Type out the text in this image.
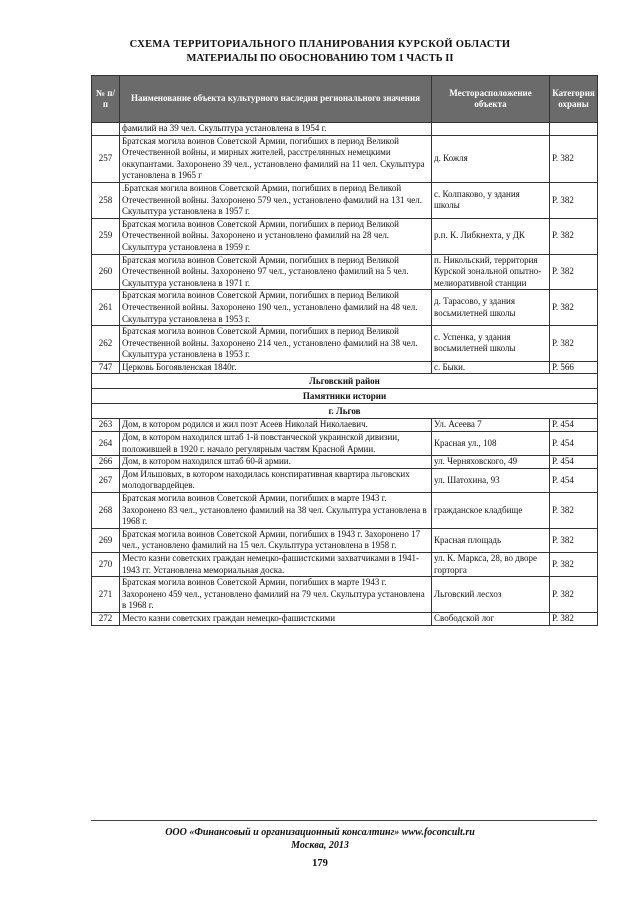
СХЕМА ТЕРРИТОРИАЛЬНОГО ПЛАНИРОВАНИЯ КУРСКОЙ ОБЛАСТИ
МАТЕРИАЛЫ ПО ОБОСНОВАНИЮ ТОМ 1 ЧАСТЬ II
№ п/п	Наименование объекта культурного наследия регионального значения	Месторасположение объекта	Категория охраны
	фамилий на 39 чел. Скульптура установлена в 1954 г.		
257	Братская могила воинов Советской Армии, погибших в период Великой Отечественной войны, и мирных жителей, расстрелянных немецкими оккупантами. Захоронено 39 чел., установлено фамилий на 11 чел. Скульптура установлена в 1965 г	д. Кожля	Р. 382
258	.Братская могила воинов Советской Армии, погибших в период Великой Отечественной войны. Захоронено 579 чел., установлено фамилий на 131 чел. Скульптура установлена в 1957 г.	с. Колпаково, у здания школы	Р. 382
259	Братская могила воинов Советской Армии, погибших в период Великой Отечественной войны. Захоронено и установлено фамилий на 28 чел. Скульптура установлена в 1959 г.	р.п. К. Либкнехта, у ДК	Р. 382
260	Братская могила воинов Советской Армии, погибших в период Великой Отечественной войны. Захоронено 97 чел., установлено фамилий на 5 чел. Скульптура установлена в 1971 г.	п. Никольский, территория Курской зональной опытно-мелиоративной станции	Р. 382
261	Братская могила воинов Советской Армии, погибших в период Великой Отечественной войны. Захоронено 190 чел., установлено фамилий на 48 чел. Скульптура установлена в 1953 г.	д. Тарасово, у здания восьмилетней школы	Р. 382
262	Братская могила воинов Советской Армии, погибших в период Великой Отечественной войны. Захоронено 214 чел., установлено фамилий на 38 чел. Скульптура установлена в 1953 г.	с. Успенка, у здания восьмилетней школы	Р. 382
747	Церковь Богоявленская 1840г.	с. Быки.	Р. 566
Льговский район			
Памятники истории			
г. Льгов			
263	Дом, в котором родился и жил поэт Асеев Николай Николаевич.	Ул. Асеева 7	Р. 454
264	Дом, в котором находился штаб 1-й повстанческой украинской дивизии, положившей в 1920 г. начало регулярным частям Красной Армии.	Красная ул., 108	Р. 454
266	Дом, в котором находился штаб 60-й армии.	ул. Черняховского, 49	Р. 454
267	Дом Ильшовых, в котором находилась конспиративная квартира льговских молодогвардейцев.	ул. Шатохина, 93	Р. 454
268	Братская могила воинов Советской Армии, погибших в марте 1943 г. Захоронено 83 чел., установлено фамилий на 38 чел. Скульптура установлена в 1968 г.	гражданское кладбище	Р. 382
269	Братская могила воинов Советской Армии, погибших в 1943 г. Захоронено 17 чел., установлено фамилий на 15 чел. Скульптура установлена в 1958 г.	Красная площадь	Р. 382
270	Место казни советских граждан немецко-фашистскими захватчиками в 1941-1943 гг. Установлена мемориальная доска.	ул. К. Маркса, 28, во дворе горторга	Р. 382
271	Братская могила воинов Советской Армии, погибших в марте 1943 г. Захоронено 459 чел., установлено фамилий на 79 чел. Скульптура установлена в 1968 г.	Льговский лесхоз	Р. 382
272	Место казни советских граждан немецко-фашистскими	Свободской лог	Р. 382
ООО «Финансовый и организационный консалтинг» www.foconcult.ru
Москва, 2013
179
